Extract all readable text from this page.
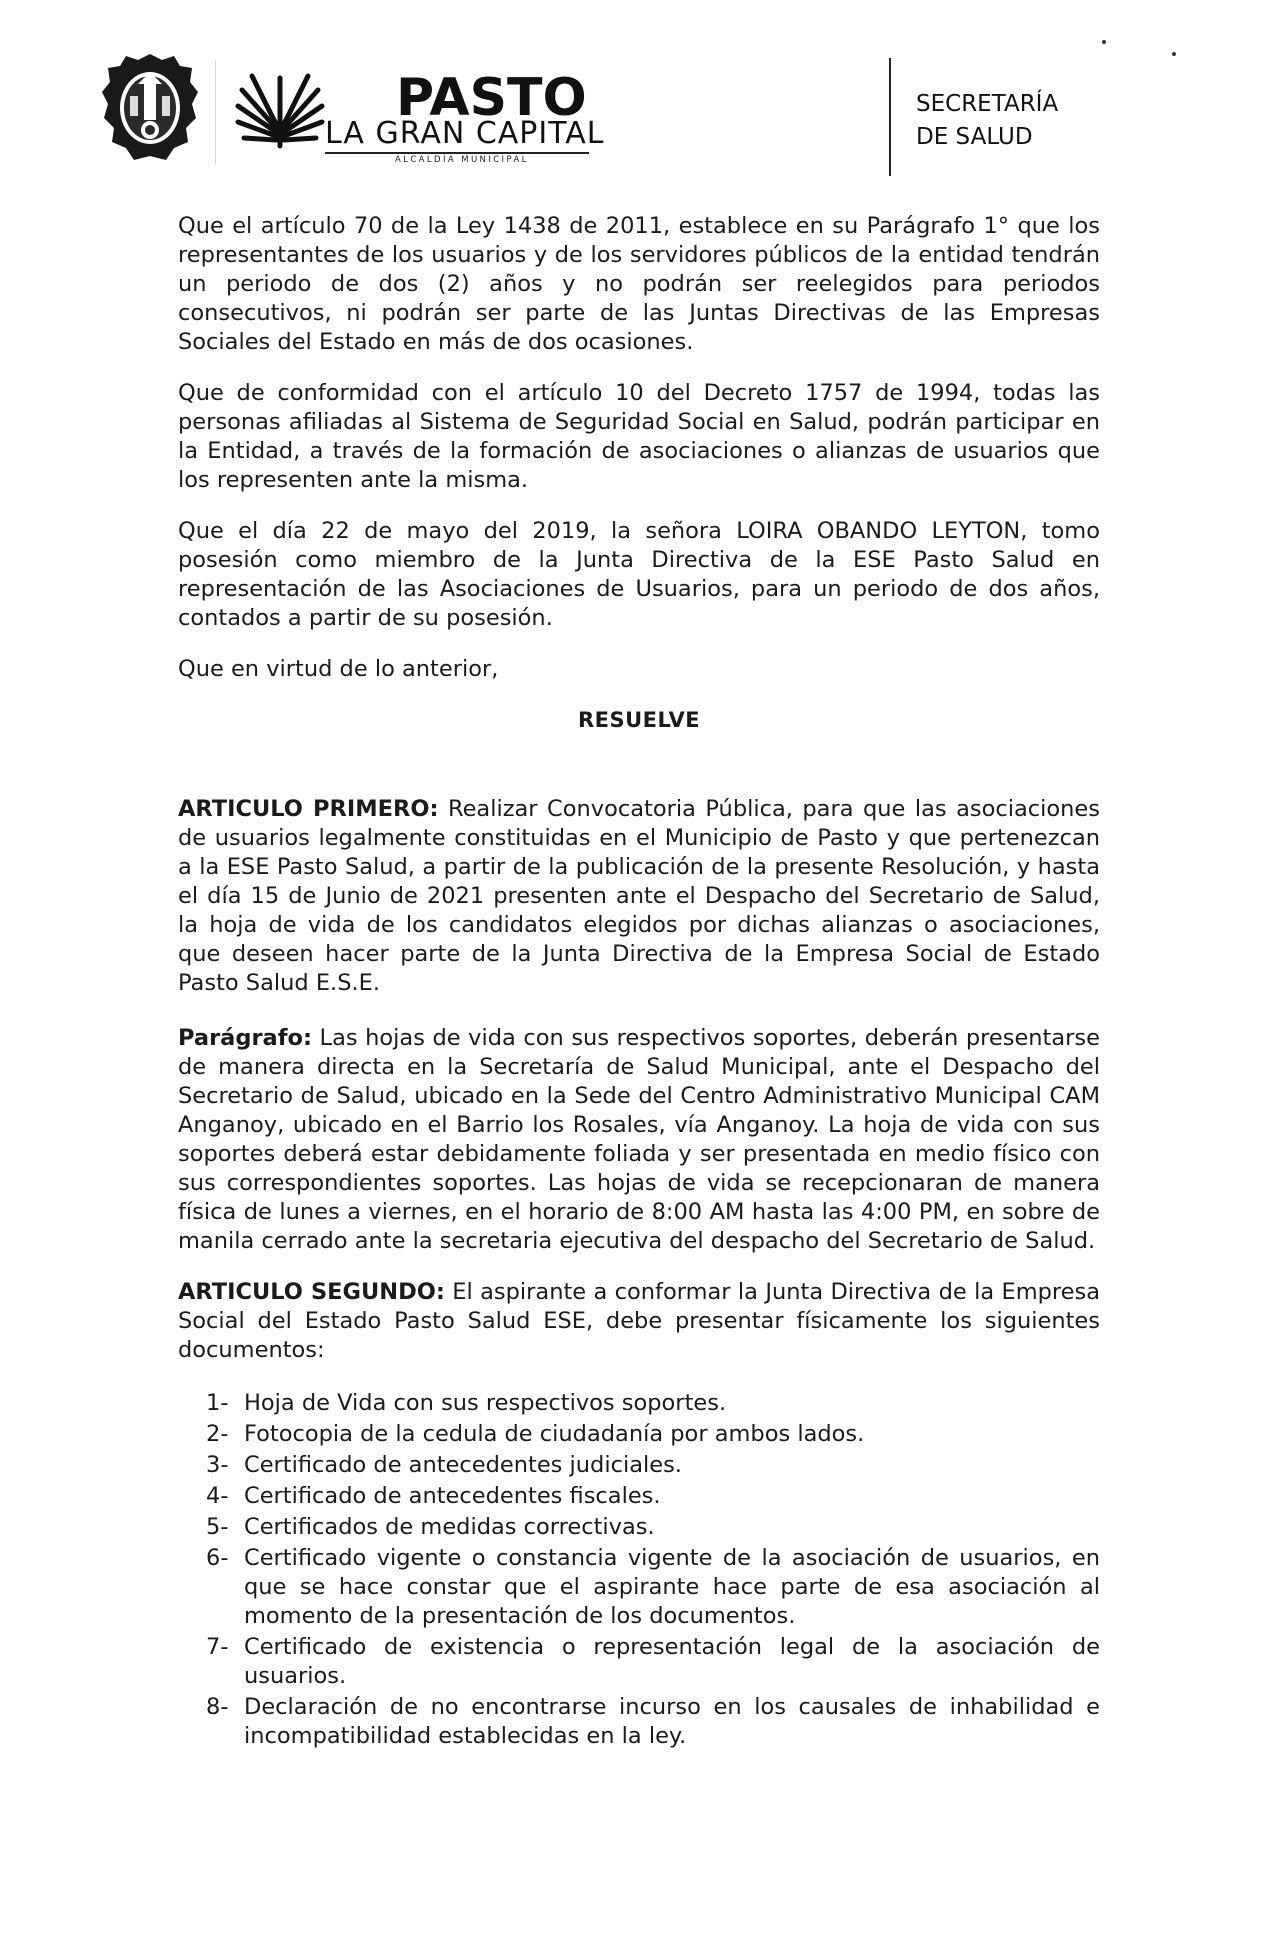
PASTO
LA GRAN CAPITAL
ALCALDÍA MUNICIPAL
SECRETARÍA
DE SALUD

Que el artículo 70 de la Ley 1438 de 2011, establece en su Parágrafo 1° que los representantes de los usuarios y de los servidores públicos de la entidad tendrán un periodo de dos (2) años y no podrán ser reelegidos para periodos consecutivos, ni podrán ser parte de las Juntas Directivas de las Empresas Sociales del Estado en más de dos ocasiones.

Que de conformidad con el artículo 10 del Decreto 1757 de 1994, todas las personas afiliadas al Sistema de Seguridad Social en Salud, podrán participar en la Entidad, a través de la formación de asociaciones o alianzas de usuarios que los representen ante la misma.

Que el día 22 de mayo del 2019, la señora LOIRA OBANDO LEYTON, tomo posesión como miembro de la Junta Directiva de la ESE Pasto Salud en representación de las Asociaciones de Usuarios, para un periodo de dos años, contados a partir de su posesión.

Que en virtud de lo anterior,

RESUELVE

ARTICULO PRIMERO: Realizar Convocatoria Pública, para que las asociaciones de usuarios legalmente constituidas en el Municipio de Pasto y que pertenezcan a la ESE Pasto Salud, a partir de la publicación de la presente Resolución, y hasta el día 15 de Junio de 2021 presenten ante el Despacho del Secretario de Salud, la hoja de vida de los candidatos elegidos por dichas alianzas o asociaciones, que deseen hacer parte de la Junta Directiva de la Empresa Social de Estado Pasto Salud E.S.E.

Parágrafo: Las hojas de vida con sus respectivos soportes, deberán presentarse de manera directa en la Secretaría de Salud Municipal, ante el Despacho del Secretario de Salud, ubicado en la Sede del Centro Administrativo Municipal CAM Anganoy, ubicado en el Barrio los Rosales, vía Anganoy. La hoja de vida con sus soportes deberá estar debidamente foliada y ser presentada en medio físico con sus correspondientes soportes. Las hojas de vida se recepcionaran de manera física de lunes a viernes, en el horario de 8:00 AM hasta las 4:00 PM, en sobre de manila cerrado ante la secretaria ejecutiva del despacho del Secretario de Salud.

ARTICULO SEGUNDO: El aspirante a conformar la Junta Directiva de la Empresa Social del Estado Pasto Salud ESE, debe presentar físicamente los siguientes documentos:

1- Hoja de Vida con sus respectivos soportes.
2- Fotocopia de la cedula de ciudadanía por ambos lados.
3- Certificado de antecedentes judiciales.
4- Certificado de antecedentes fiscales.
5- Certificados de medidas correctivas.
6- Certificado vigente o constancia vigente de la asociación de usuarios, en que se hace constar que el aspirante hace parte de esa asociación al momento de la presentación de los documentos.
7- Certificado de existencia o representación legal de la asociación de usuarios.
8- Declaración de no encontrarse incurso en los causales de inhabilidad e incompatibilidad establecidas en la ley.
